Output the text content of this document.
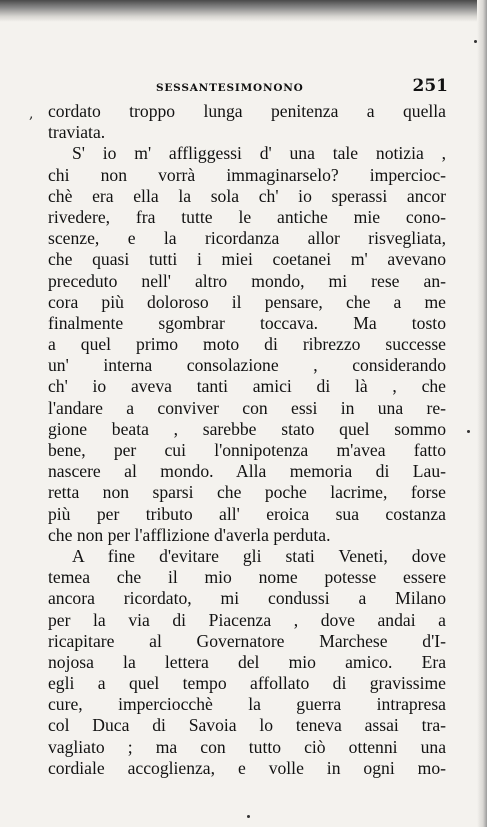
SESSANTESIMONONO	251
, cordato troppo lunga penitenza a quella
traviata.
S' io m' affliggessi d' una tale notizia ,
chi non vorrà immaginarselo? impercioc-
chè era ella la sola ch' io sperassi ancor
rivedere, fra tutte le antiche mie cono-
scenze, e la ricordanza allor risvegliata,
che quasi tutti i miei coetanei m' avevano
preceduto nell' altro mondo, mi rese an-
cora più doloroso il pensare, che a me
finalmente sgombrar toccava. Ma tosto
a quel primo moto di ribrezzo successe
un' interna consolazione , considerando
ch' io aveva tanti amici di là , che
l'andare a conviver con essi in una re-
gione beata , sarebbe stato quel sommo
bene, per cui l'onnipotenza m'avea fatto
nascere al mondo. Alla memoria di Lau-
retta non sparsi che poche lacrime, forse
più per tributo all' eroica sua costanza
che non per l'afflizione d'averla perduta.
A fine d'evitare gli stati Veneti, dove
temea che il mio nome potesse essere
ancora ricordato, mi condussi a Milano
per la via di Piacenza , dove andai a
ricapitare al Governatore Marchese d'I-
nojosa la lettera del mio amico. Era
egli a quel tempo affollato di gravissime
cure, imperciocchè la guerra intrapresa
col Duca di Savoia lo teneva assai tra-
vagliato ; ma con tutto ciò ottenni una
cordiale accoglienza, e volle in ogni mo-
